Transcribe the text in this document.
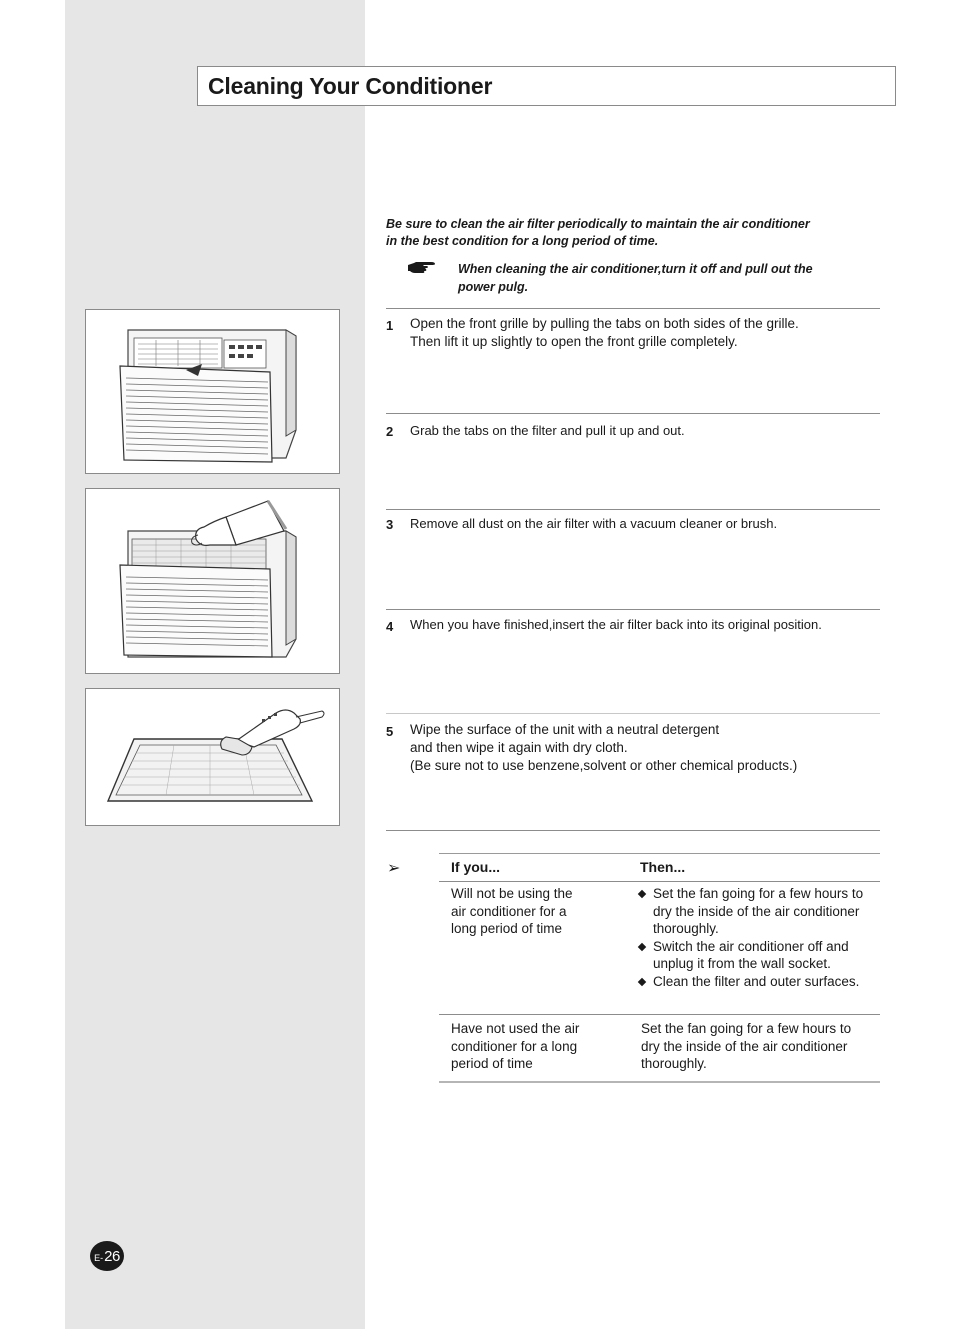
Cleaning Your Conditioner
Be sure to clean the air filter periodically to maintain the air conditioner
in the best condition for a long period of time.
When cleaning the air conditioner,turn it off and pull out the
power pulg.
1 Open the front grille by pulling the tabs on both sides of the grille.
Then lift it up slightly to open the front grille completely.
2 Grab the tabs on the filter and pull it up and out.
3 Remove all dust on the air filter with a vacuum cleaner or brush.
4 When you have finished,insert the air filter back into its original position.
5 Wipe the surface of the unit with a neutral detergent
and then wipe it again with dry cloth.
(Be sure not to use benzene,solvent or other chemical products.)
➢	If you...	Then...
Will not be using the
air conditioner for a
long period of time
Set the fan going for a few hours to
dry the inside of the air conditioner
thoroughly.
Switch the air conditioner off and
unplug it from the wall socket.
Clean the filter and outer surfaces.
Have not used the air
conditioner for a long
period of time
Set the fan going for a few hours to
dry the inside of the air conditioner
thoroughly.
E- 26
